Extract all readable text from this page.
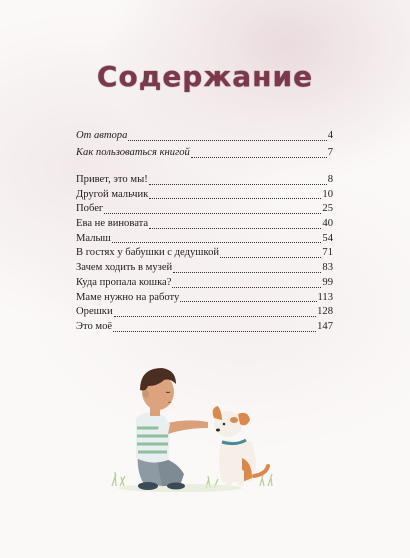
Содержание
От автора	4
Как пользоваться книгой	7
Привет, это мы!	8
Другой мальчик	10
Побег	25
Ева не виновата	40
Малыш	54
В гостях у бабушки с дедушкой	71
Зачем ходить в музей	83
Куда пропала кошка?	99
Маме нужно на работу	113
Орешки	128
Это моё	147
